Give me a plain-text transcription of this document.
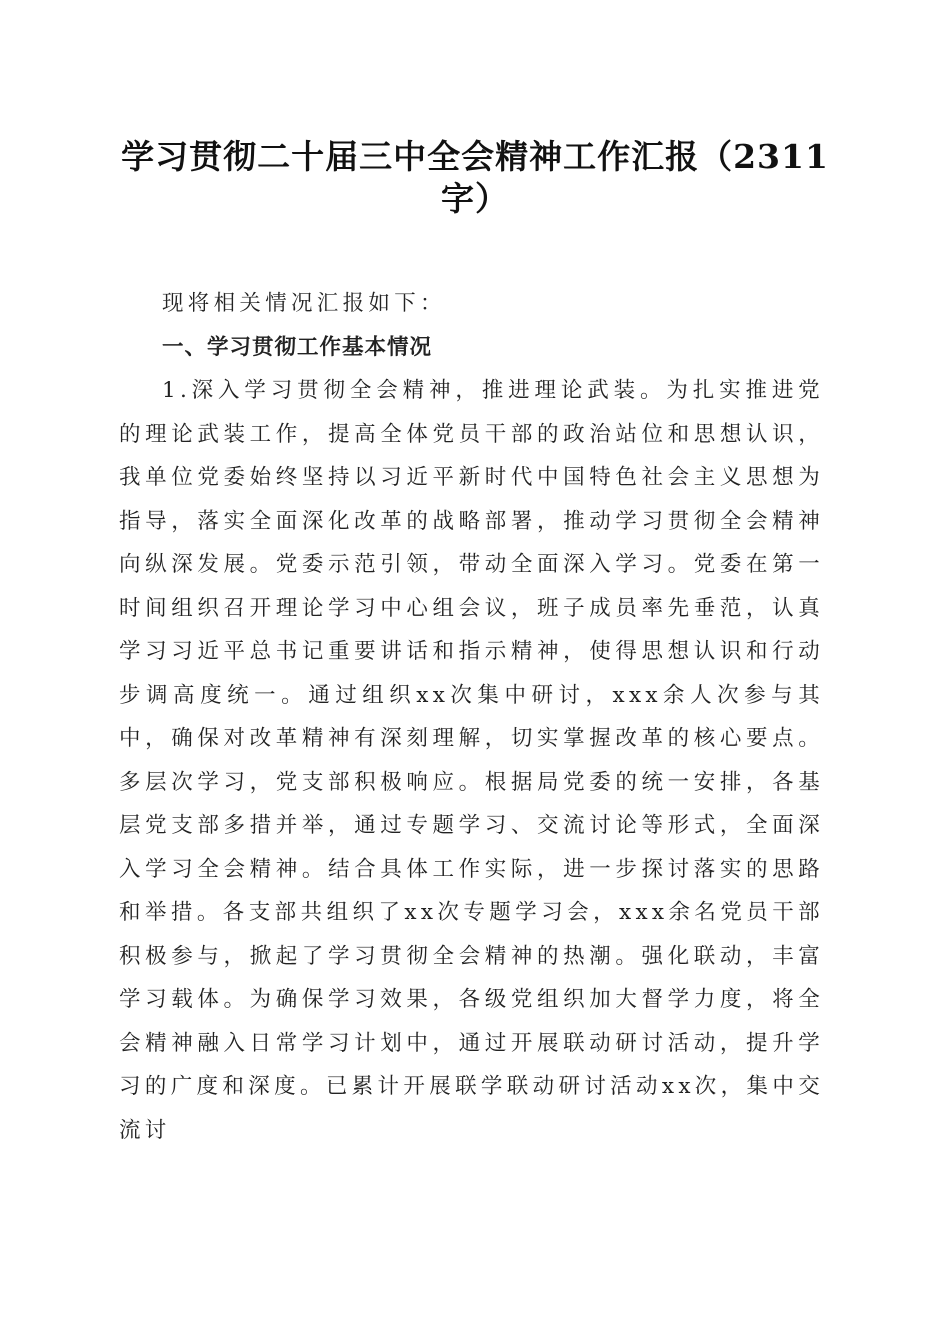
学习贯彻二十届三中全会精神工作汇报（2311字）

现将相关情况汇报如下：

一、学习贯彻工作基本情况

1.深入学习贯彻全会精神，推进理论武装。为扎实推进党的理论武装工作，提高全体党员干部的政治站位和思想认识，我单位党委始终坚持以习近平新时代中国特色社会主义思想为指导，落实全面深化改革的战略部署，推动学习贯彻全会精神向纵深发展。党委示范引领，带动全面深入学习。党委在第一时间组织召开理论学习中心组会议，班子成员率先垂范，认真学习习近平总书记重要讲话和指示精神，使得思想认识和行动步调高度统一。通过组织xx次集中研讨，xxx余人次参与其中，确保对改革精神有深刻理解，切实掌握改革的核心要点。多层次学习，党支部积极响应。根据局党委的统一安排，各基层党支部多措并举，通过专题学习、交流讨论等形式，全面深入学习全会精神。结合具体工作实际，进一步探讨落实的思路和举措。各支部共组织了xx次专题学习会，xxx余名党员干部积极参与，掀起了学习贯彻全会精神的热潮。强化联动，丰富学习载体。为确保学习效果，各级党组织加大督学力度，将全会精神融入日常学习计划中，通过开展联动研讨活动，提升学习的广度和深度。已累计开展联学联动研讨活动xx次，集中交流讨
